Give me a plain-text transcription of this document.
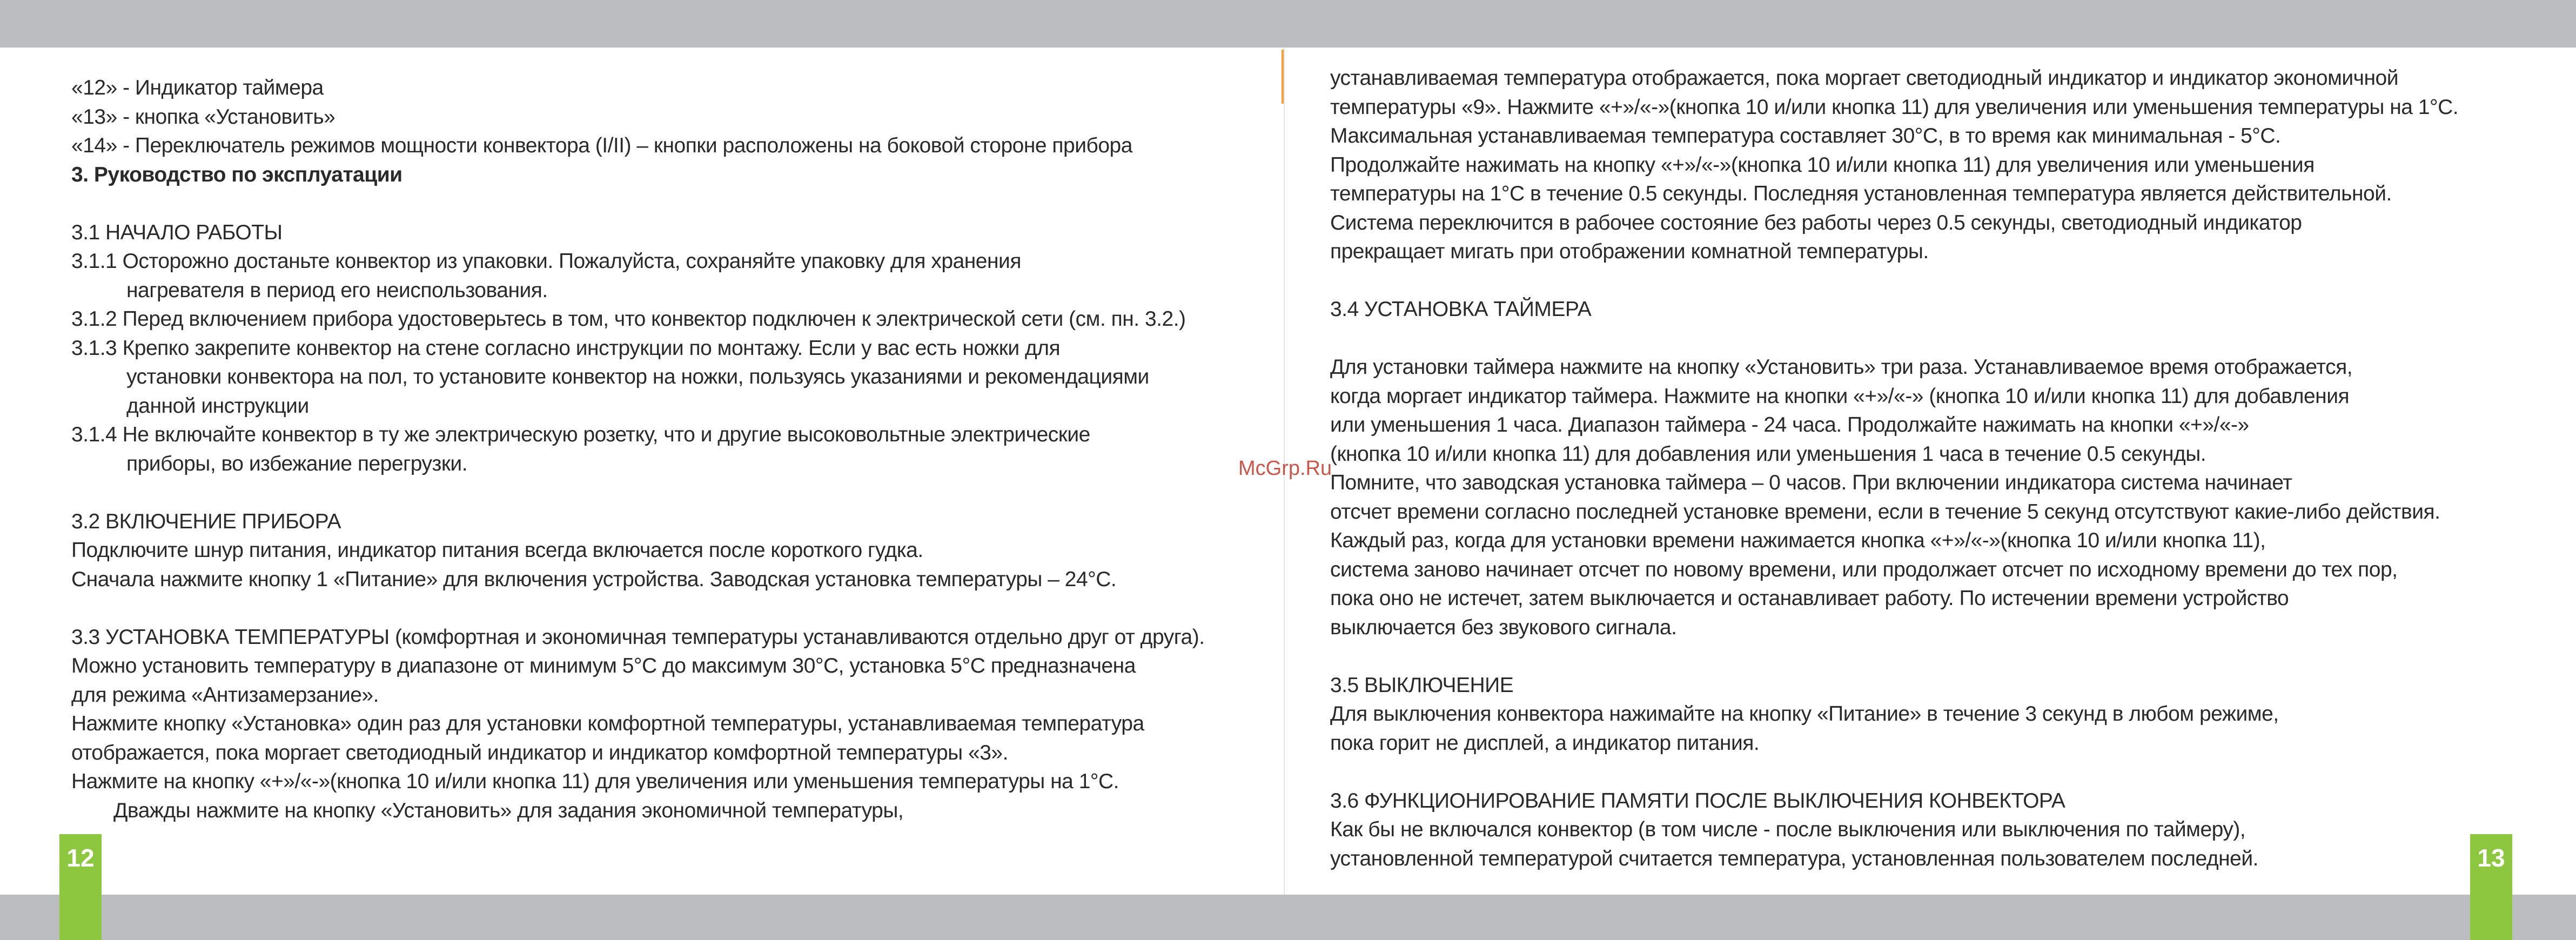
12	13
«12» - Индикатор таймера
«13» - кнопка «Установить»
«14» - Переключатель режимов мощности конвектора (I/II) – кнопки расположены на боковой стороне прибора
3. Руководство по эксплуатации
3.1 НАЧАЛО РАБОТЫ
3.1.1 Осторожно достаньте конвектор из упаковки. Пожалуйста, сохраняйте упаковку для хранения
нагревателя в период его неиспользования.
3.1.2 Перед включением прибора удостоверьтесь в том, что конвектор подключен к электрической сети (см. пн. 3.2.)
3.1.3 Крепко закрепите конвектор на стене согласно инструкции по монтажу. Если у вас есть ножки для
установки конвектора на пол, то установите конвектор на ножки, пользуясь указаниями и рекомендациями
данной инструкции
3.1.4 Не включайте конвектор в ту же электрическую розетку, что и другие высоковольтные электрические
приборы, во избежание перегрузки.
3.2 ВКЛЮЧЕНИЕ ПРИБОРА
Подключите шнур питания, индикатор питания всегда включается после короткого гудка.
Сначала нажмите кнопку 1 «Питание» для включения устройства. Заводская установка температуры – 24°C.
3.3 УСТАНОВКА ТЕМПЕРАТУРЫ (комфортная и экономичная температуры устанавливаются отдельно друг от друга).
Можно установить температуру в диапазоне от минимум 5°C до максимум 30°C, установка 5°C предназначена
для режима «Антизамерзание».
Нажмите кнопку «Установка» один раз для установки комфортной температуры, устанавливаемая температура
отображается, пока моргает светодиодный индикатор и индикатор комфортной температуры «3».
Нажмите на кнопку «+»/«-»(кнопка 10 и/или кнопка 11) для увеличения или уменьшения температуры на 1°C.
Дважды нажмите на кнопку «Установить» для задания экономичной температуры,
устанавливаемая температура отображается, пока моргает светодиодный индикатор и индикатор экономичной
температуры «9». Нажмите «+»/«-»(кнопка 10 и/или кнопка 11) для увеличения или уменьшения температуры на 1°C.
Максимальная устанавливаемая температура составляет 30°C, в то время как минимальная - 5°C.
Продолжайте нажимать на кнопку «+»/«-»(кнопка 10 и/или кнопка 11) для увеличения или уменьшения
температуры на 1°C в течение 0.5 секунды. Последняя установленная температура является действительной.
Система переключится в рабочее состояние без работы через 0.5 секунды, светодиодный индикатор
прекращает мигать при отображении комнатной температуры.
3.4 УСТАНОВКА ТАЙМЕРА
Для установки таймера нажмите на кнопку «Установить» три раза. Устанавливаемое время отображается,
когда моргает индикатор таймера. Нажмите на кнопки «+»/«-» (кнопка 10 и/или кнопка 11) для добавления
или уменьшения 1 часа. Диапазон таймера - 24 часа. Продолжайте нажимать на кнопки «+»/«-»
(кнопка 10 и/или кнопка 11) для добавления или уменьшения 1 часа в течение 0.5 секунды.
Помните, что заводская установка таймера – 0 часов. При включении индикатора система начинает
отсчет времени согласно последней установке времени, если в течение 5 секунд отсутствуют какие-либо действия.
Каждый раз, когда для установки времени нажимается кнопка «+»/«-»(кнопка 10 и/или кнопка 11),
система заново начинает отсчет по новому времени, или продолжает отсчет по исходному времени до тех пор,
пока оно не истечет, затем выключается и останавливает работу. По истечении времени устройство
выключается без звукового сигнала.
3.5 ВЫКЛЮЧЕНИЕ
Для выключения конвектора нажимайте на кнопку «Питание» в течение 3 секунд в любом режиме,
пока горит не дисплей, а индикатор питания.
3.6 ФУНКЦИОНИРОВАНИЕ ПАМЯТИ ПОСЛЕ ВЫКЛЮЧЕНИЯ КОНВЕКТОРА
Как бы не включался конвектор (в том числе - после выключения или выключения по таймеру),
установленной температурой считается температура, установленная пользователем последней.
McGrp.Ru
